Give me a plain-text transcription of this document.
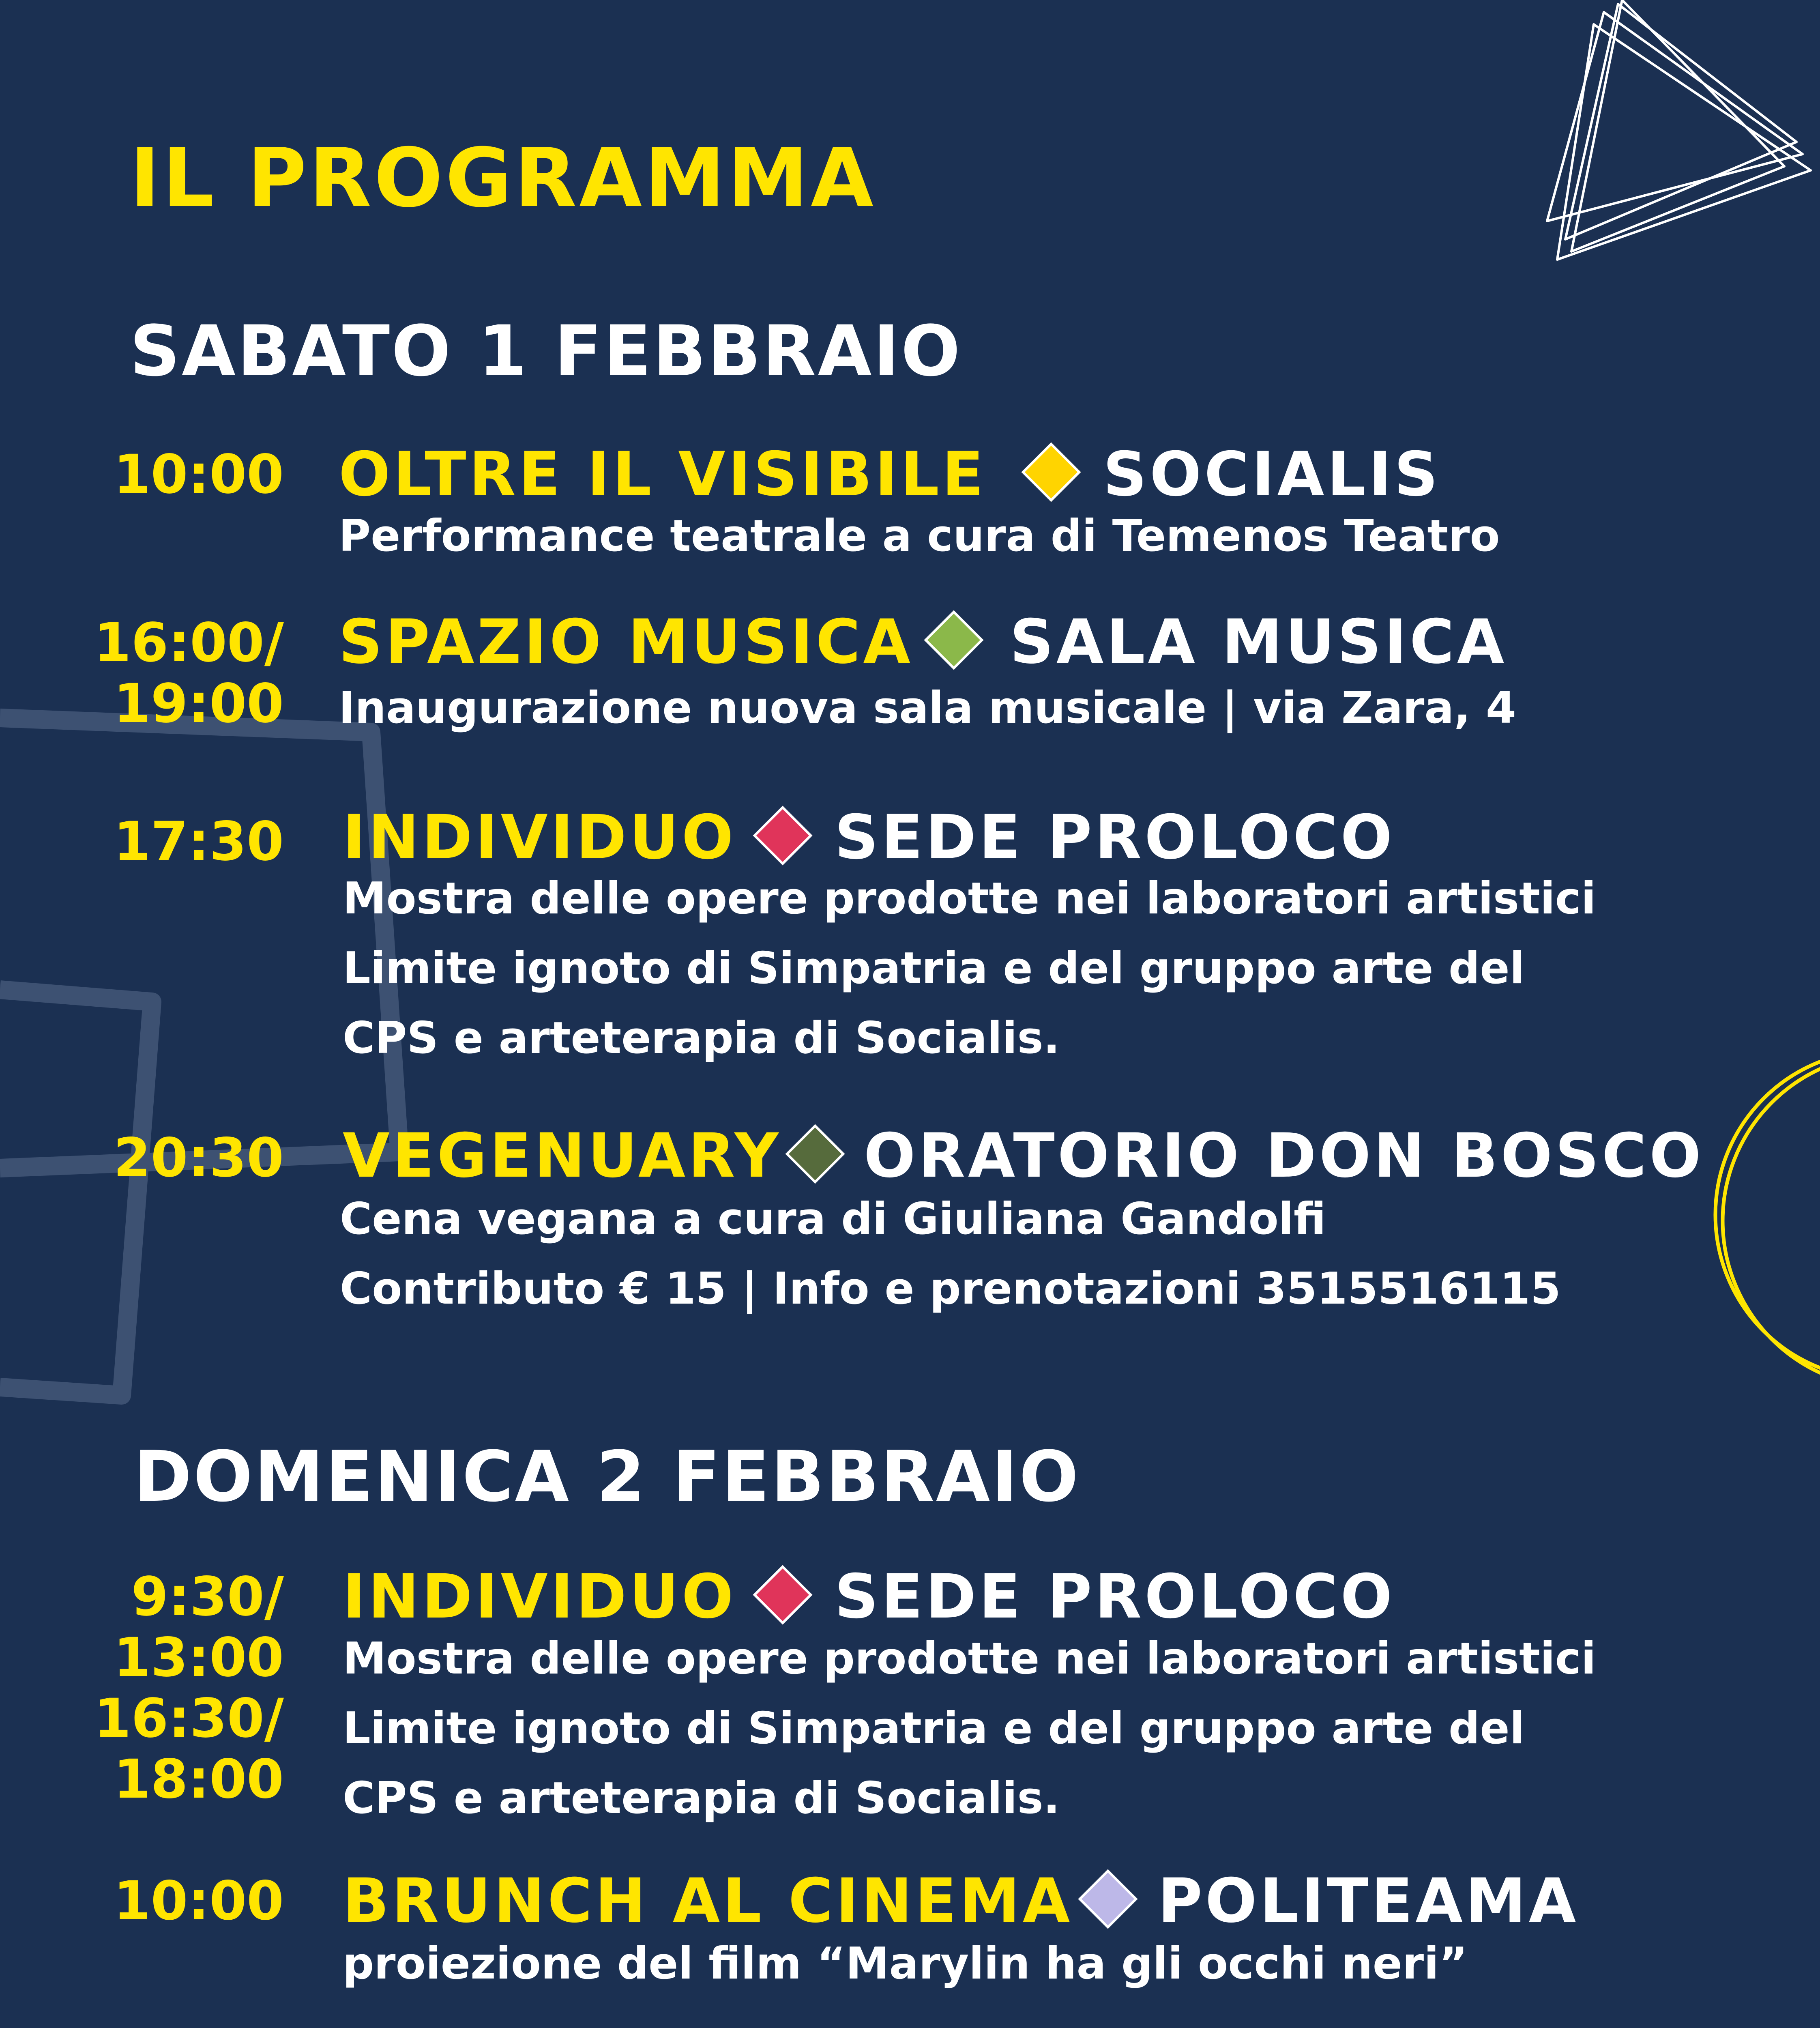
IL PROGRAMMA
SABATO 1 FEBBRAIO
10:00 OLTRE IL VISIBILE SOCIALIS
Performance teatrale a cura di Temenos Teatro
16:00/ 19:00
SPAZIO MUSICA SALA MUSICA
Inaugurazione nuova sala musicale | via Zara, 4
17:30 INDIVIDUO SEDE PROLOCO
Mostra delle opere prodotte nei laboratori artistici
Limite ignoto di Simpatria e del gruppo arte del
CPS e arteterapia di Socialis.
20:30 VEGENUARY ORATORIO DON BOSCO
Cena vegana a cura di Giuliana Gandolfi
Contributo € 15 | Info e prenotazioni 3515516115
DOMENICA 2 FEBBRAIO
9:30/ 13:00 16:30/ 18:00
INDIVIDUO SEDE PROLOCO
Mostra delle opere prodotte nei laboratori artistici
Limite ignoto di Simpatria e del gruppo arte del
CPS e arteterapia di Socialis.
10:00 BRUNCH AL CINEMA POLITEAMA
proiezione del film “Marylin ha gli occhi neri”
